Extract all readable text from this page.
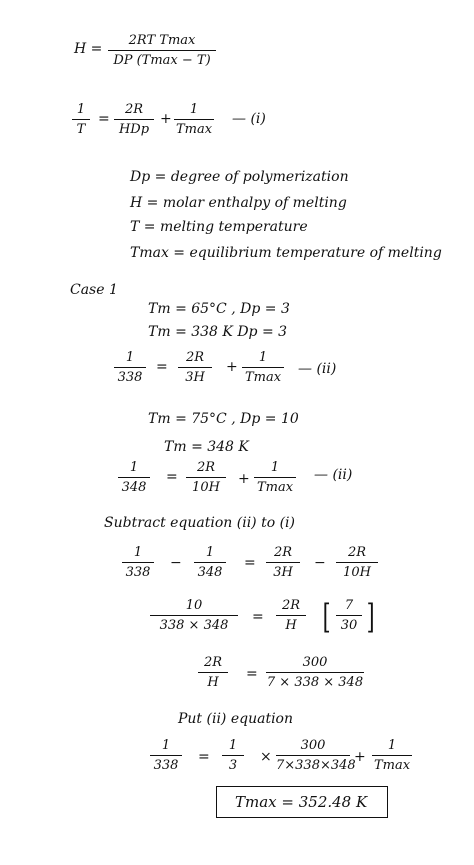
H =
2RT Tmax
DP (Tmax − T)
1
T
=
2R
HDp
+
1
Tmax
— (i)
Dp = degree of polymerization
H = molar enthalpy of melting
T = melting temperature
Tmax = equilibrium temperature of melting
Case 1
Tm = 65°C , Dp = 3
Tm = 338 K Dp = 3
1
338
=
2R
3H
+
1
Tmax
— (ii)
Tm = 75°C , Dp = 10
Tm = 348 K
1
348
=
2R
10H
+
1
Tmax
— (ii)
Subtract equation (ii) to (i)
1
338
−
1
348
=
2R
3H
−
2R
10H
10
338 × 348
=
2R
H [	7
30 ]
2R
H
=
300
7 × 338 × 348
Put (ii) equation
1
338
=
1
3
×
300
7×338×348
+
1
Tmax
Tmax = 352.48 K
